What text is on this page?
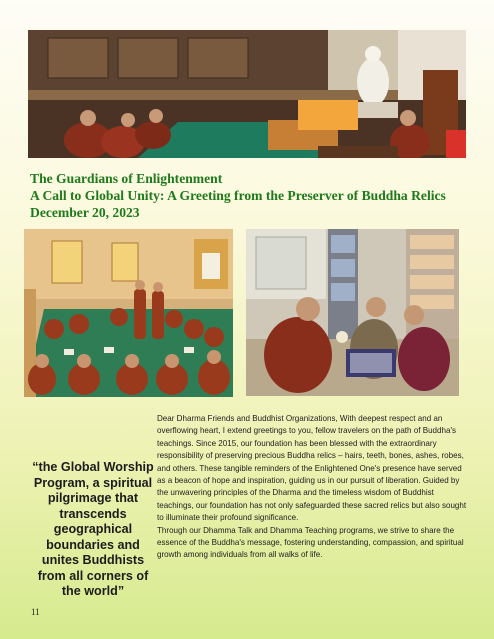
The Guardians of Enlightenment
A Call to Global Unity: A Greeting from the Preserver of Buddha Relics
December 20, 2023
“the Global Worship Program, a spiritual pilgrimage that transcends geographical boundaries and unites Buddhists from all corners of the world”

Dear Dharma Friends and Buddhist Organizations, With deepest respect and an overflowing heart, I extend greetings to you, fellow travelers on the path of Buddha's teachings. Since 2015, our foundation has been blessed with the extraordinary responsibility of preserving precious Buddha relics – hairs, teeth, bones, ashes, robes, and others. These tangible reminders of the Enlightened One's presence have served as a beacon of hope and inspiration, guiding us in our pursuit of liberation. Guided by the unwavering principles of the Dharma and the timeless wisdom of Buddhist teachings, our foundation has not only safeguarded these sacred relics but also sought to illuminate their profound significance.

Through our Dhamma Talk and Dhamma Teaching programs, we strive to share the essence of the Buddha's message, fostering understanding, compassion, and spiritual growth among individuals from all walks of life.

11
